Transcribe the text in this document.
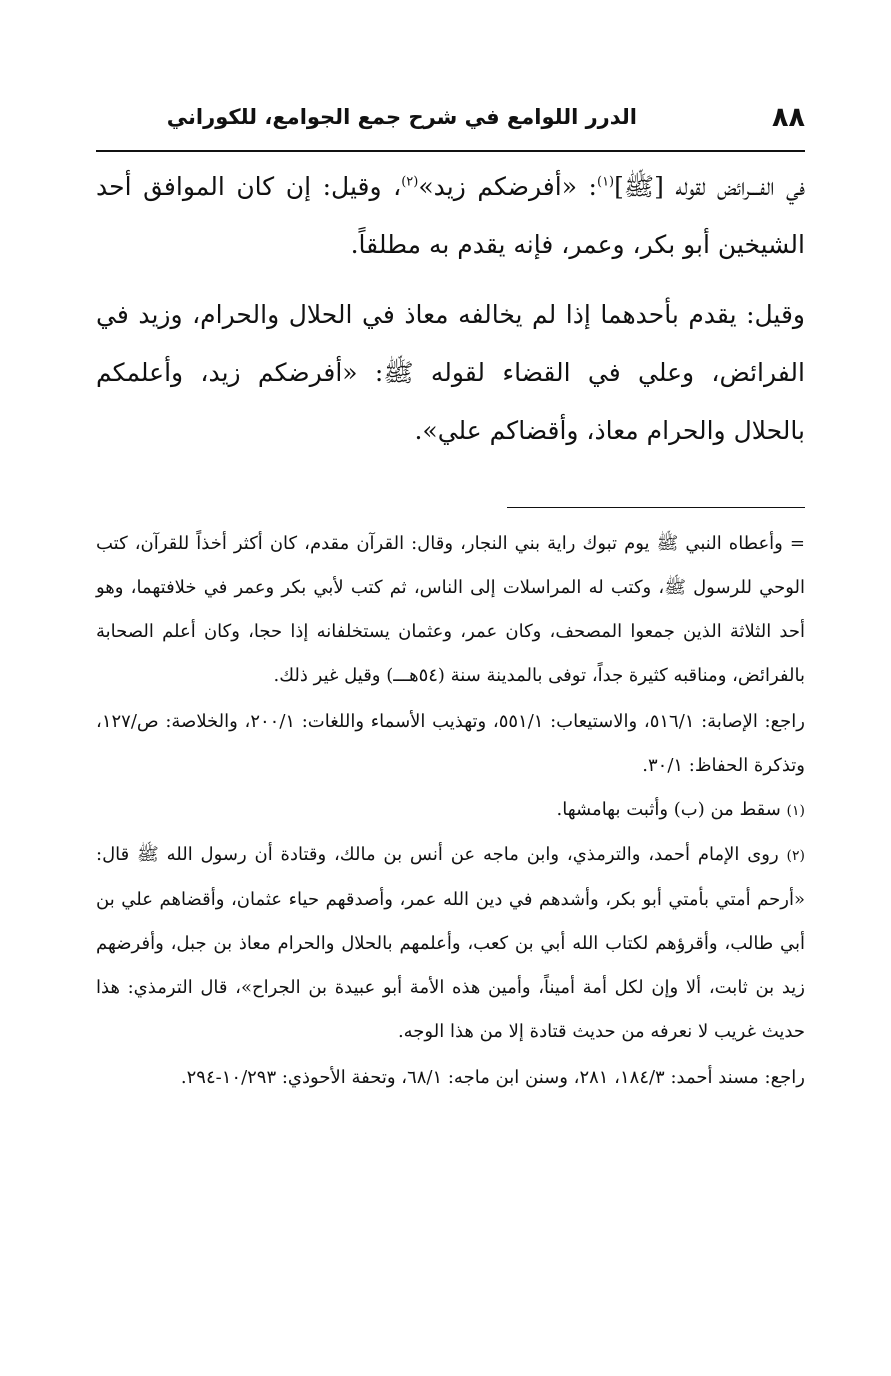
٨٨
الدرر اللوامع في شرح جمع الجوامع، للكوراني

في الفـــرائض لقوله [ﷺ]$^{(١)}$: «أفرضكم زيد»$^{(٢)}$، وقيل: إن كان الموافق أحد الشيخين أبو بكر، وعمر، فإنه يقدم به مطلقاً.

وقيل: يقدم بأحدهما إذا لم يخالفه معاذ في الحلال والحرام، وزيد في الفرائض، وعلي في القضاء لقوله ﷺ: «أفرضكم زيد، وأعلمكم بالحلال والحرام معاذ، وأقضاكم علي».

= وأعطاه النبي ﷺ يوم تبوك راية بني النجار، وقال: القرآن مقدم، كان أكثر أخذاً للقرآن، كتب الوحي للرسول ﷺ، وكتب له المراسلات إلى الناس، ثم كتب لأبي بكر وعمر في خلافتهما، وهو أحد الثلاثة الذين جمعوا المصحف، وكان عمر، وعثمان يستخلفانه إذا حجا، وكان أعلم الصحابة بالفرائض، ومناقبه كثيرة جداً، توفى بالمدينة سنة (٥٤هـــ) وقيل غير ذلك.

راجع: الإصابة: ٥١٦/١، والاستيعاب: ٥٥١/١، وتهذيب الأسماء واللغات: ٢٠٠/١، والخلاصة: ص/١٢٧، وتذكرة الحفاظ: ٣٠/١.

(١) سقط من (ب) وأثبت بهامشها.

(٢) روى الإمام أحمد، والترمذي، وابن ماجه عن أنس بن مالك، وقتادة أن رسول الله ﷺ قال: «أرحم أمتي بأمتي أبو بكر، وأشدهم في دين الله عمر، وأصدقهم حياء عثمان، وأقضاهم علي بن أبي طالب، وأقرؤهم لكتاب الله أبي بن كعب، وأعلمهم بالحلال والحرام معاذ بن جبل، وأفرضهم زيد بن ثابت، ألا وإن لكل أمة أميناً، وأمين هذه الأمة أبو عبيدة بن الجراح»، قال الترمذي: هذا حديث غريب لا نعرفه من حديث قتادة إلا من هذا الوجه.

راجع: مسند أحمد: ١٨٤/٣، ٢٨١، وسنن ابن ماجه: ٦٨/١، وتحفة الأحوذي: ١٠/٢٩٣-٢٩٤.
